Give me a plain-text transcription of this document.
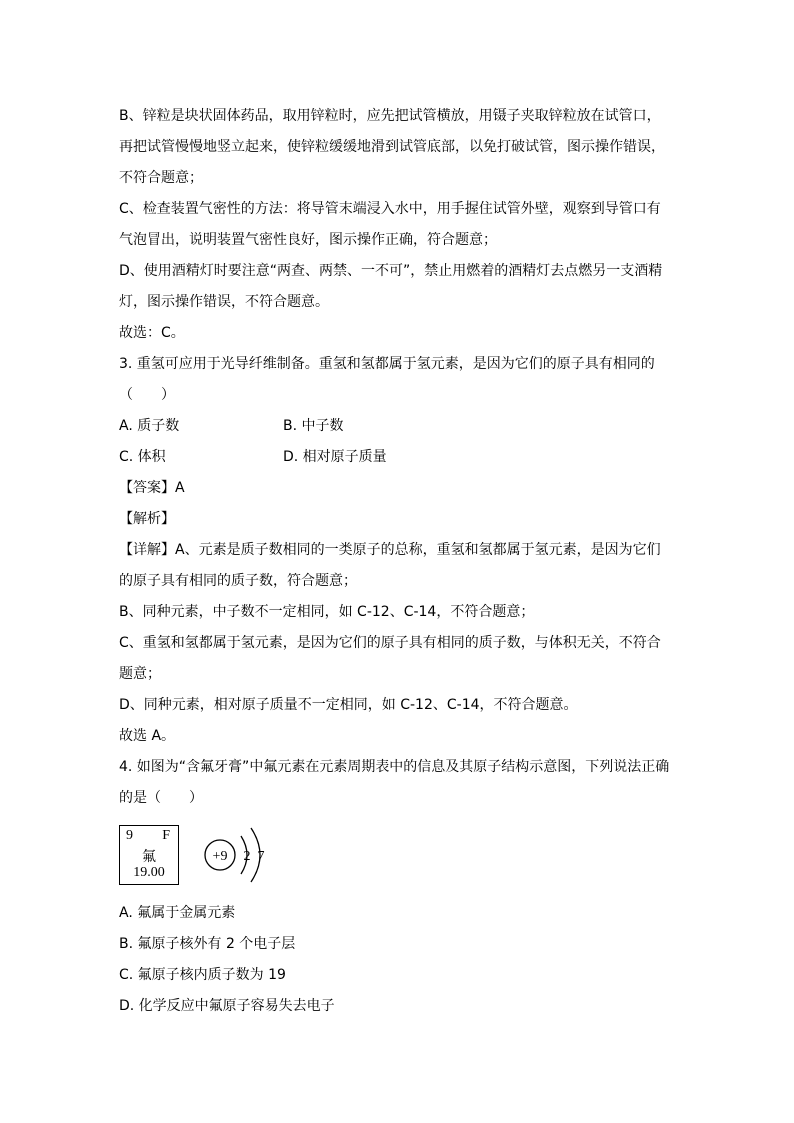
B、锌粒是块状固体药品，取用锌粒时，应先把试管横放，用镊子夹取锌粒放在试管口，
再把试管慢慢地竖立起来，使锌粒缓缓地滑到试管底部，以免打破试管，图示操作错误，
不符合题意；
C、检查装置气密性的方法：将导管末端浸入水中，用手握住试管外壁，观察到导管口有
气泡冒出，说明装置气密性良好，图示操作正确，符合题意；
D、使用酒精灯时要注意“两查、两禁、一不可”，禁止用燃着的酒精灯去点燃另一支酒精
灯，图示操作错误，不符合题意。
故选：C。
3. 重氢可应用于光导纤维制备。重氢和氢都属于氢元素，是因为它们的原子具有相同的
（　　）
【答案】A
【解析】
【详解】A、元素是质子数相同的一类原子的总称，重氢和氢都属于氢元素，是因为它们
的原子具有相同的质子数，符合题意；
B、同种元素，中子数不一定相同，如 C-12、C-14，不符合题意；
C、重氢和氢都属于氢元素，是因为它们的原子具有相同的质子数，与体积无关，不符合
题意；
D、同种元素，相对原子质量不一定相同，如 C-12、C-14，不符合题意。
故选 A。
4. 如图为“含氟牙膏”中氟元素在元素周期表中的信息及其原子结构示意图，下列说法正确
的是（　　）
A. 氟属于金属元素
B. 氟原子核外有 2 个电子层
C. 氟原子核内质子数为 19
D. 化学反应中氟原子容易失去电子
A. 质子数	B. 中子数
C. 体积	D. 相对原子质量
9 F
氟
19.00
+9 2 7
